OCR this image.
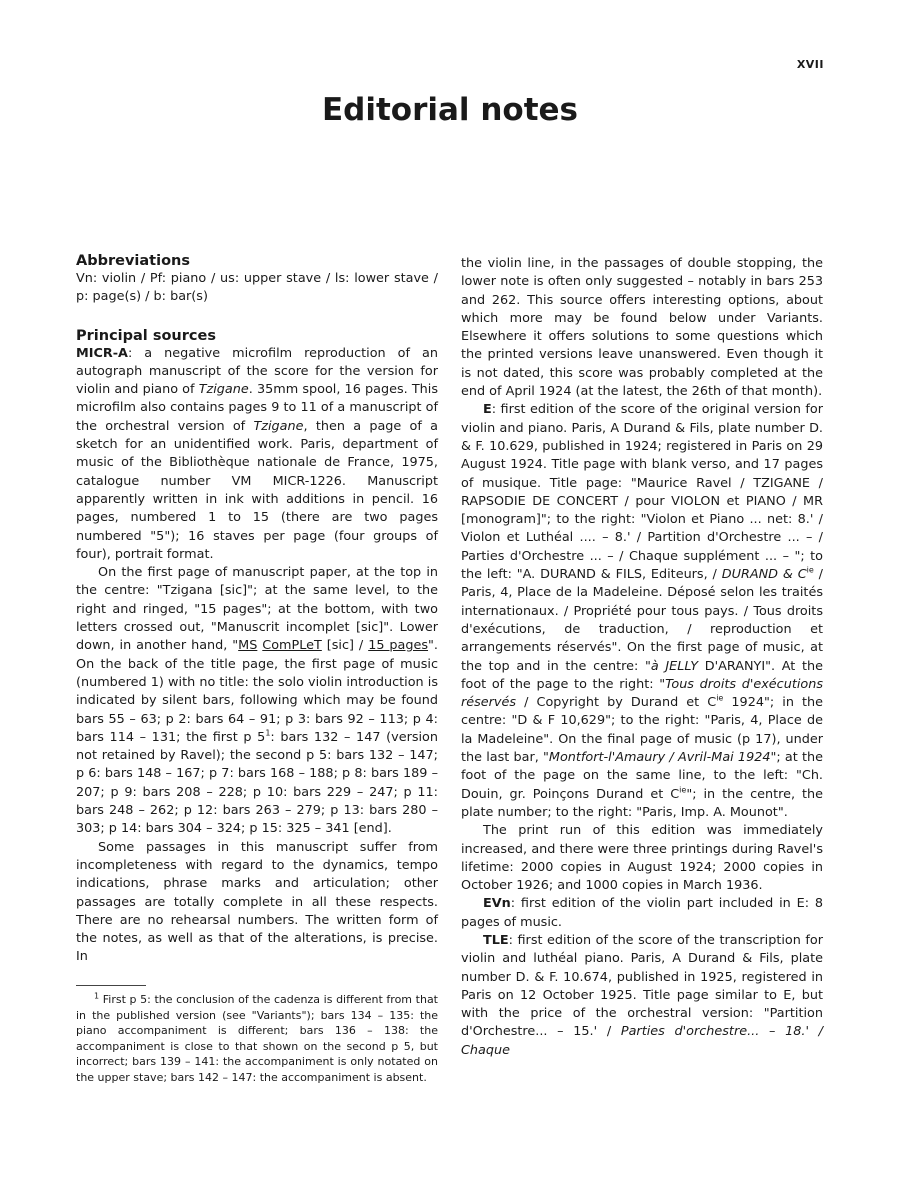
XVII
Editorial notes
Abbreviations

Vn: violin / Pf: piano / us: upper stave / ls: lower stave / p: page(s) / b: bar(s)

Principal sources

MICR-A: a negative microfilm reproduction of an autograph manuscript of the score for the version for violin and piano of Tzigane. 35mm spool, 16 pages. This microfilm also contains pages 9 to 11 of a manuscript of the orchestral version of Tzigane, then a page of a sketch for an unidentified work. Paris, department of music of the Bibliothèque nationale de France, 1975, catalogue number VM MICR-1226. Manuscript apparently written in ink with additions in pencil. 16 pages, numbered 1 to 15 (there are two pages numbered "5"); 16 staves per page (four groups of four), portrait format.

On the first page of manuscript paper, at the top in the centre: "Tzigana [sic]"; at the same level, to the right and ringed, "15 pages"; at the bottom, with two letters crossed out, "Manuscrit incomplet [sic]". Lower down, in another hand, "MS ComPLeT [sic] / 15 pages". On the back of the title page, the first page of music (numbered 1) with no title: the solo violin introduction is indicated by silent bars, following which may be found bars 55 – 63; p 2: bars 64 – 91; p 3: bars 92 – 113; p 4: bars 114 – 131; the first p $5^1$: bars 132 – 147 (version not retained by Ravel); the second p 5: bars 132 – 147; p 6: bars 148 – 167; p 7: bars 168 – 188; p 8: bars 189 – 207; p 9: bars 208 – 228; p 10: bars 229 – 247; p 11: bars 248 – 262; p 12: bars 263 – 279; p 13: bars 280 – 303; p 14: bars 304 – 324; p 15: 325 – 341 [end].

Some passages in this manuscript suffer from incompleteness with regard to the dynamics, tempo indications, phrase marks and articulation; other passages are totally complete in all these respects. There are no rehearsal numbers. The written form of the notes, as well as that of the alterations, is precise. In

$^1$ First p 5: the conclusion of the cadenza is different from that in the published version (see "Variants"); bars 134 – 135: the piano accompaniment is different; bars 136 – 138: the accompaniment is close to that shown on the second p 5, but incorrect; bars 139 – 141: the accompaniment is only notated on the upper stave; bars 142 – 147: the accompaniment is absent.

the violin line, in the passages of double stopping, the lower note is often only suggested – notably in bars 253 and 262. This source offers interesting options, about which more may be found below under Variants. Elsewhere it offers solutions to some questions which the printed versions leave unanswered. Even though it is not dated, this score was probably completed at the end of April 1924 (at the latest, the 26th of that month).

E: first edition of the score of the original version for violin and piano. Paris, A Durand & Fils, plate number D. & F. 10.629, published in 1924; registered in Paris on 29 August 1924. Title page with blank verso, and 17 pages of musique. Title page: "Maurice Ravel / TZIGANE / RAPSODIE DE CONCERT / pour VIOLON et PIANO / MR [monogram]"; to the right: "Violon et Piano ... net: 8.' / Violon et Luthéal .... – 8.' / Partition d'Orchestre ... – / Parties d'Orchestre ... – / Chaque supplément ... – "; to the left: "A. DURAND & FILS, Editeurs, / DURAND & $C^{ie}$ / Paris, 4, Place de la Madeleine. Déposé selon les traités internationaux. / Propriété pour tous pays. / Tous droits d'exécutions, de traduction, / reproduction et arrangements réservés". On the first page of music, at the top and in the centre: "à JELLY D'ARANYI". At the foot of the page to the right: "Tous droits d'exécutions réservés / Copyright by Durand et $C^{ie}$ 1924"; in the centre: "D & F 10,629"; to the right: "Paris, 4, Place de la Madeleine". On the final page of music (p 17), under the last bar, "Montfort-l'Amaury / Avril-Mai 1924"; at the foot of the page on the same line, to the left: "Ch. Douin, gr. Poinçons Durand et $C^{ie}$"; in the centre, the plate number; to the right: "Paris, Imp. A. Mounot".

The print run of this edition was immediately increased, and there were three printings during Ravel's lifetime: 2000 copies in August 1924; 2000 copies in October 1926; and 1000 copies in March 1936.

EVn: first edition of the violin part included in E: 8 pages of music.

TLE: first edition of the score of the transcription for violin and luthéal piano. Paris, A Durand & Fils, plate number D. & F. 10.674, published in 1925, registered in Paris on 12 October 1925. Title page similar to E, but with the price of the orchestral version: "Partition d'Orchestre... – 15.' / Parties d'orchestre... – 18.' / Chaque
